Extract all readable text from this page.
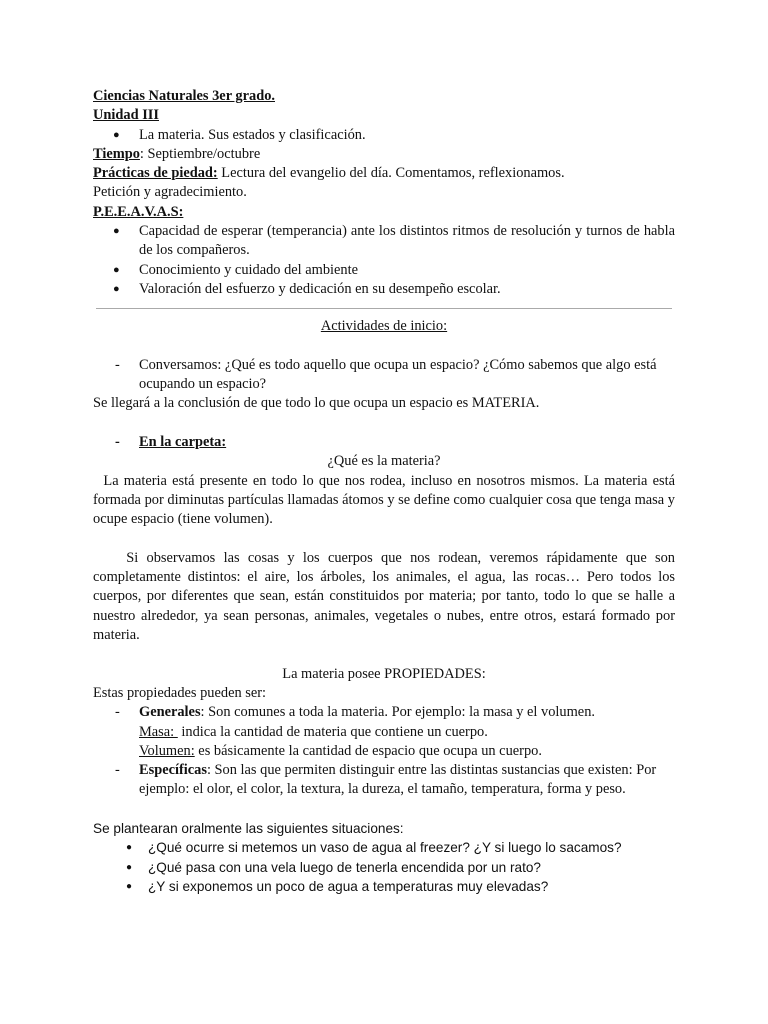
Ciencias Naturales 3er grado.

Unidad III

● La materia. Sus estados y clasificación.

Tiempo: Septiembre/octubre

Prácticas de piedad: Lectura del evangelio del día. Comentamos, reflexionamos.

Petición y agradecimiento.

P.E.E.A.V.A.S:

● Capacidad de esperar (temperancia) ante los distintos ritmos de resolución y turnos de habla de los compañeros.
● Conocimiento y cuidado del ambiente
● Valoración del esfuerzo y dedicación en su desempeño escolar.

Actividades de inicio:

- Conversamos: ¿Qué es todo aquello que ocupa un espacio? ¿Cómo sabemos que algo está ocupando un espacio?

Se llegará a la conclusión de que todo lo que ocupa un espacio es MATERIA.

- En la carpeta:

¿Qué es la materia?

La materia está presente en todo lo que nos rodea, incluso en nosotros mismos. La materia está formada por diminutas partículas llamadas átomos y se define como cualquier cosa que tenga masa y ocupe espacio (tiene volumen).

Si observamos las cosas y los cuerpos que nos rodean, veremos rápidamente que son completamente distintos: el aire, los árboles, los animales, el agua, las rocas… Pero todos los cuerpos, por diferentes que sean, están constituidos por materia; por tanto, todo lo que se halle a nuestro alrededor, ya sean personas, animales, vegetales o nubes, entre otros, estará formado por materia.

La materia posee PROPIEDADES:

Estas propiedades pueden ser:

- Generales: Son comunes a toda la materia. Por ejemplo: la masa y el volumen.

Masa:  indica la cantidad de materia que contiene un cuerpo.

Volumen: es básicamente la cantidad de espacio que ocupa un cuerpo.

- Específicas: Son las que permiten distinguir entre las distintas sustancias que existen: Por ejemplo: el olor, el color, la textura, la dureza, el tamaño, temperatura, forma y peso.

Se plantearan oralmente las siguientes situaciones:

● ¿Qué ocurre si metemos un vaso de agua al freezer? ¿Y si luego lo sacamos?
● ¿Qué pasa con una vela luego de tenerla encendida por un rato?
● ¿Y si exponemos un poco de agua a temperaturas muy elevadas?
